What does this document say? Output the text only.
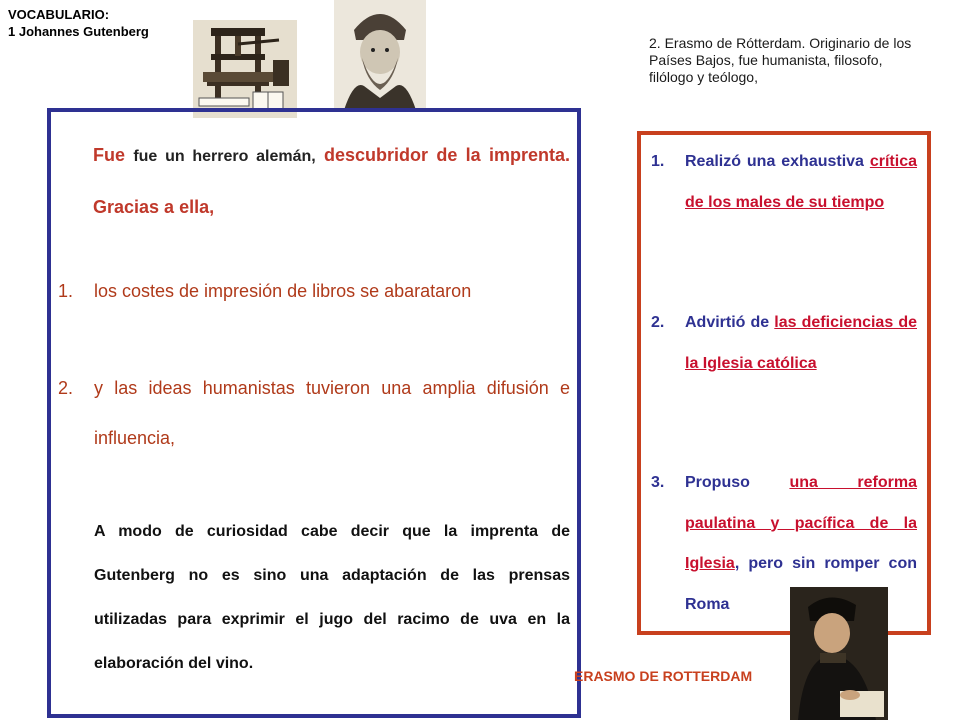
VOCABULARIO:
1 Johannes Gutenberg
2. Erasmo de Rótterdam. Originario de los Países Bajos, fue humanista, filosofo, filólogo y teólogo,
Fue fue un herrero alemán, descubridor de la imprenta. Gracias a ella,
1.	los costes de impresión de libros se abarataron
2.	y las ideas humanistas tuvieron una amplia difusión e influencia,
A modo de curiosidad cabe decir que la imprenta de Gutenberg no es sino una adaptación de las prensas utilizadas para exprimir el jugo del racimo de uva en la elaboración del vino.
1.	Realizó una exhaustiva crítica de los males de su tiempo
2.	Advirtió de las deficiencias de la Iglesia católica
3.	Propuso una reforma paulatina y pacífica de la Iglesia, pero sin romper con Roma
ERASMO DE ROTTERDAM
